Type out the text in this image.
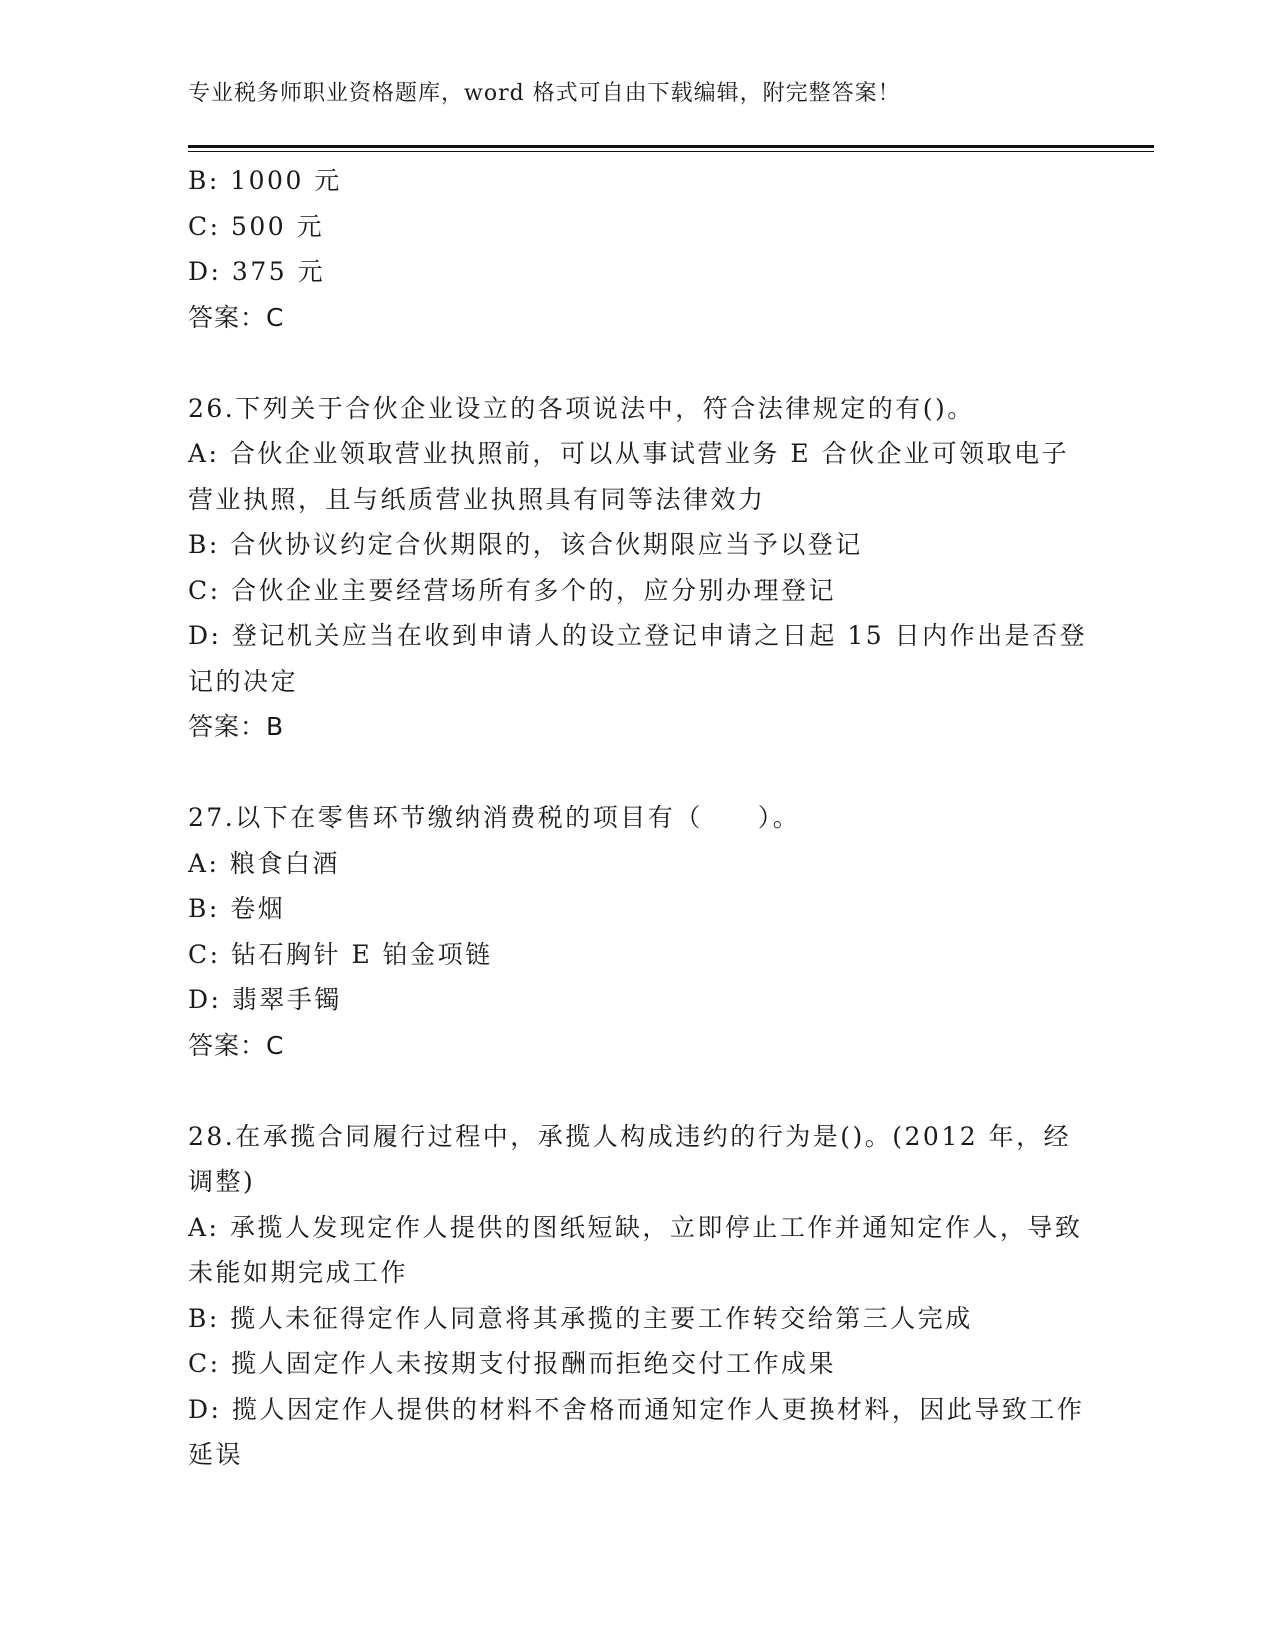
专业税务师职业资格题库，word 格式可自由下载编辑，附完整答案！
B: 1000 元
C: 500 元
D: 375 元
答案：C
26.下列关于合伙企业设立的各项说法中，符合法律规定的有()。
A: 合伙企业领取营业执照前，可以从事试营业务 E 合伙企业可领取电子营业执照，且与纸质营业执照具有同等法律效力
B: 合伙协议约定合伙期限的，该合伙期限应当予以登记
C: 合伙企业主要经营场所有多个的，应分别办理登记
D: 登记机关应当在收到申请人的设立登记申请之日起 15 日内作出是否登记的决定
答案：B
27.以下在零售环节缴纳消费税的项目有（　　）。
A: 粮食白酒
B: 卷烟
C: 钻石胸针 E 铂金项链
D: 翡翠手镯
答案：C
28.在承揽合同履行过程中，承揽人构成违约的行为是()。(2012 年，经调整)
A: 承揽人发现定作人提供的图纸短缺，立即停止工作并通知定作人，导致未能如期完成工作
B: 揽人未征得定作人同意将其承揽的主要工作转交给第三人完成
C: 揽人固定作人未按期支付报酬而拒绝交付工作成果
D: 揽人因定作人提供的材料不舍格而通知定作人更换材料，因此导致工作延误
